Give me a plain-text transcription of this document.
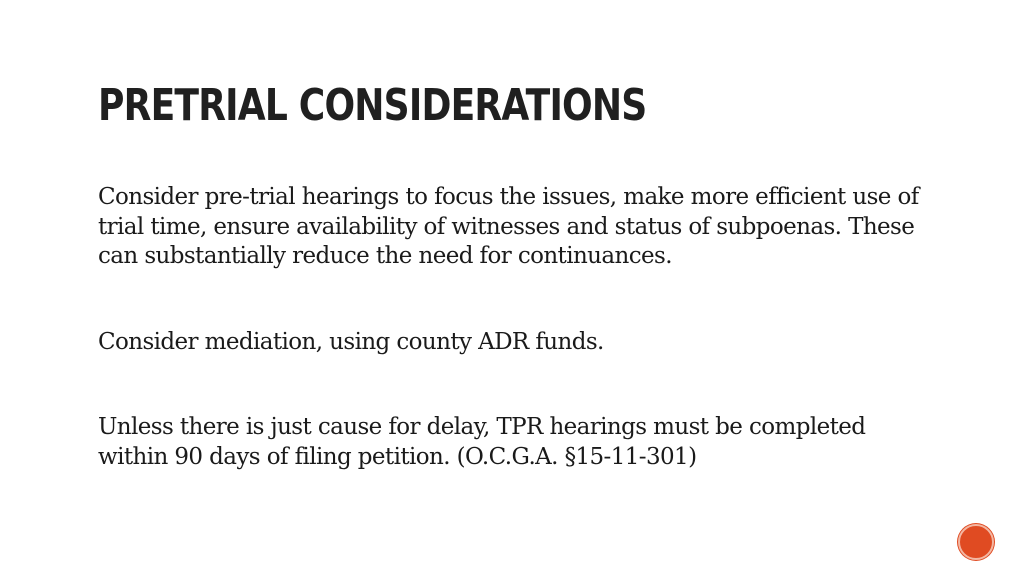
PRETRIAL CONSIDERATIONS

Consider pre-trial hearings to focus the issues, make more efficient use of trial time, ensure availability of witnesses and status of subpoenas. These can substantially reduce the need for continuances.

Consider mediation, using county ADR funds.

Unless there is just cause for delay, TPR hearings must be completed within 90 days of filing petition. (O.C.G.A. §15-11-301)
